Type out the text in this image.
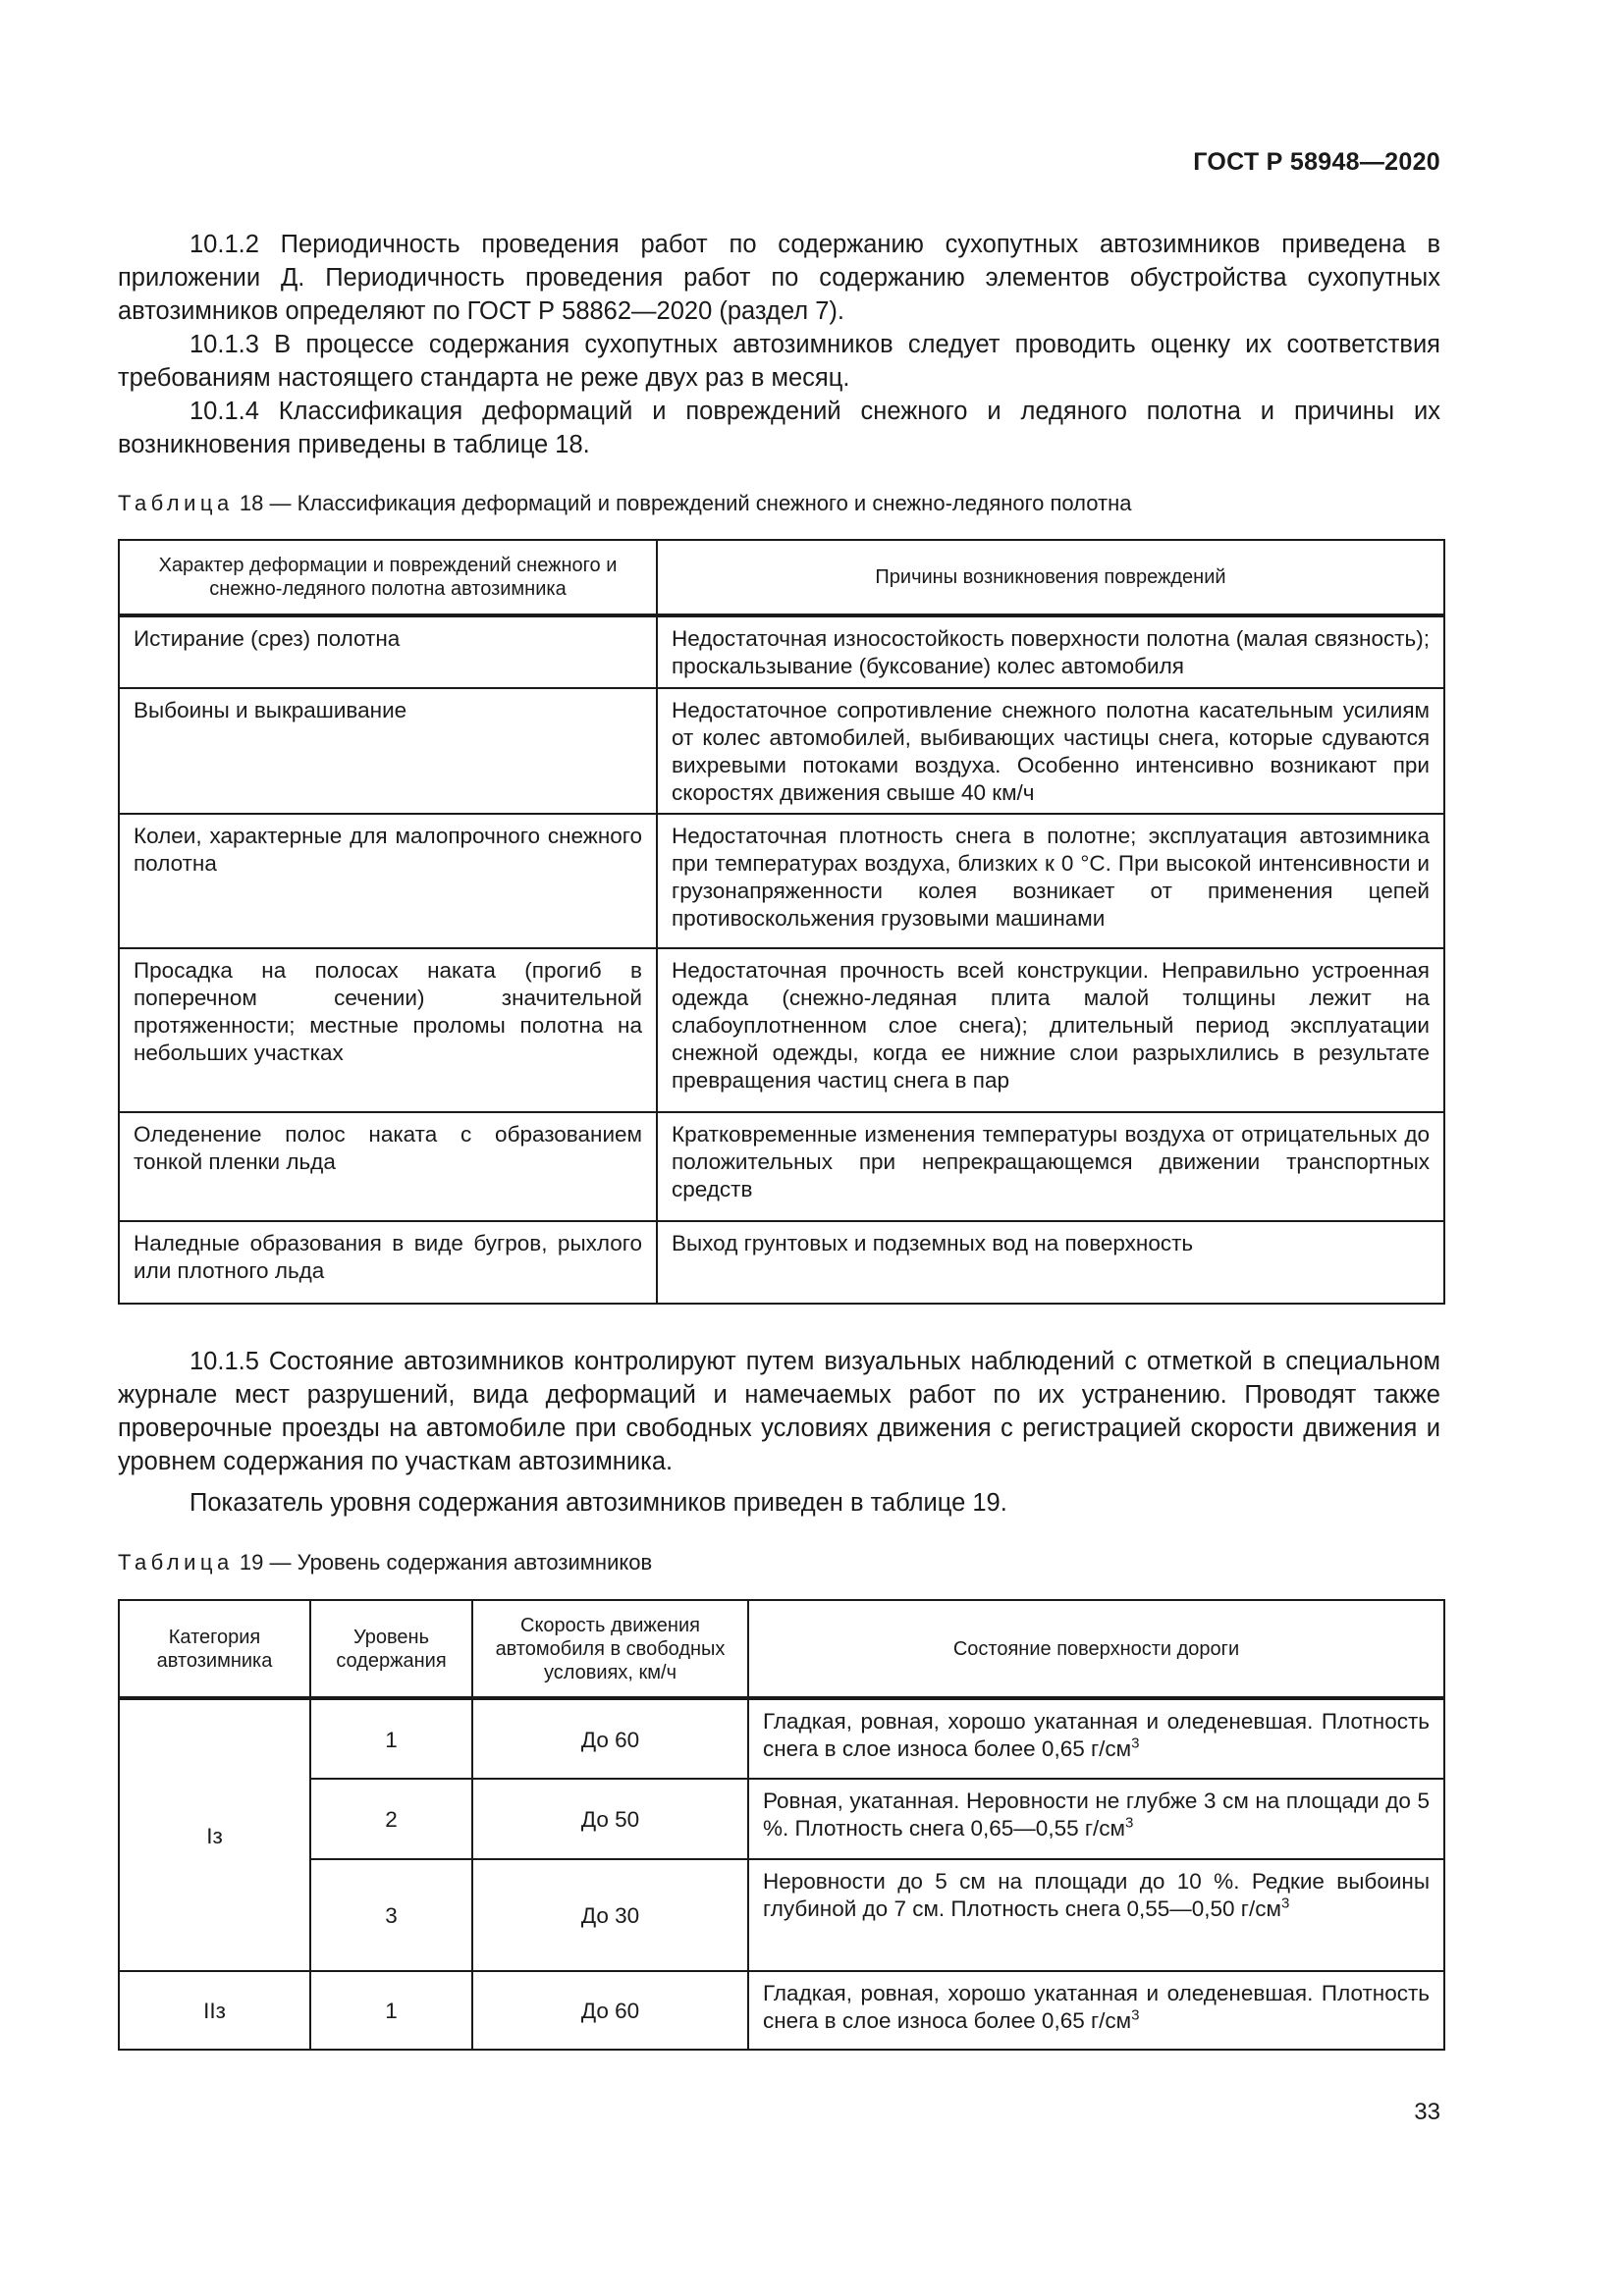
ГОСТ Р 58948—2020

10.1.2 Периодичность проведения работ по содержанию сухопутных автозимников приведена в приложении Д. Периодичность проведения работ по содержанию элементов обустройства сухопутных автозимников определяют по ГОСТ Р 58862—2020 (раздел 7).

10.1.3 В процессе содержания сухопутных автозимников следует проводить оценку их соответствия требованиям настоящего стандарта не реже двух раз в месяц.

10.1.4 Классификация деформаций и повреждений снежного и ледяного полотна и причины их возникновения приведены в таблице 18.

Таблица 18 — Классификация деформаций и повреждений снежного и снежно-ледяного полотна
Характер деформации и повреждений снежного и снежно-ледяного полотна автозимника	Причины возникновения повреждений
Истирание (срез) полотна	Недостаточная износостойкость поверхности полотна (малая связность); проскальзывание (буксование) колес автомобиля
Выбоины и выкрашивание	Недостаточное сопротивление снежного полотна касательным усилиям от колес автомобилей, выбивающих частицы снега, которые сдуваются вихревыми потоками воздуха. Особенно интенсивно возникают при скоростях движения свыше 40 км/ч
Колеи, характерные для малопрочного снежного полотна	Недостаточная плотность снега в полотне; эксплуатация автозимника при температурах воздуха, близких к 0 °С. При высокой интенсивности и грузонапряженности колея возникает от применения цепей противоскольжения грузовыми машинами
Просадка на полосах наката (прогиб в поперечном сечении) значительной протяженности; местные проломы полотна на небольших участках	Недостаточная прочность всей конструкции. Неправильно устроенная одежда (снежно-ледяная плита малой толщины лежит на слабоуплотненном слое снега); длительный период эксплуатации снежной одежды, когда ее нижние слои разрыхлились в результате превращения частиц снега в пар
Оледенение полос наката с образованием тонкой пленки льда	Кратковременные изменения температуры воздуха от отрицательных до положительных при непрекращающемся движении транспортных средств
Наледные образования в виде бугров, рыхлого или плотного льда	Выход грунтовых и подземных вод на поверхность

10.1.5 Состояние автозимников контролируют путем визуальных наблюдений с отметкой в специальном журнале мест разрушений, вида деформаций и намечаемых работ по их устранению. Проводят также проверочные проезды на автомобиле при свободных условиях движения с регистрацией скорости движения и уровнем содержания по участкам автозимника.

Показатель уровня содержания автозимников приведен в таблице 19.

Таблица 19 — Уровень содержания автозимников
Категория автозимника	Уровень содержания	Скорость движения автомобиля в свободных условиях, км/ч	Состояние поверхности дороги
Iз	1	До 60	Гладкая, ровная, хорошо укатанная и оледеневшая. Плотность снега в слое износа более 0,65 $г/см^3$
	2	До 50	Ровная, укатанная. Неровности не глубже 3 см на площади до 5 %. Плотность снега 0,65—0,55 $г/см^3$
	3	До 30	Неровности до 5 см на площади до 10 %. Редкие выбоины глубиной до 7 см. Плотность снега 0,55—0,50 $г/см^3$
IIз	1	До 60	Гладкая, ровная, хорошо укатанная и оледеневшая. Плотность снега в слое износа более 0,65 $г/см^3$
33
